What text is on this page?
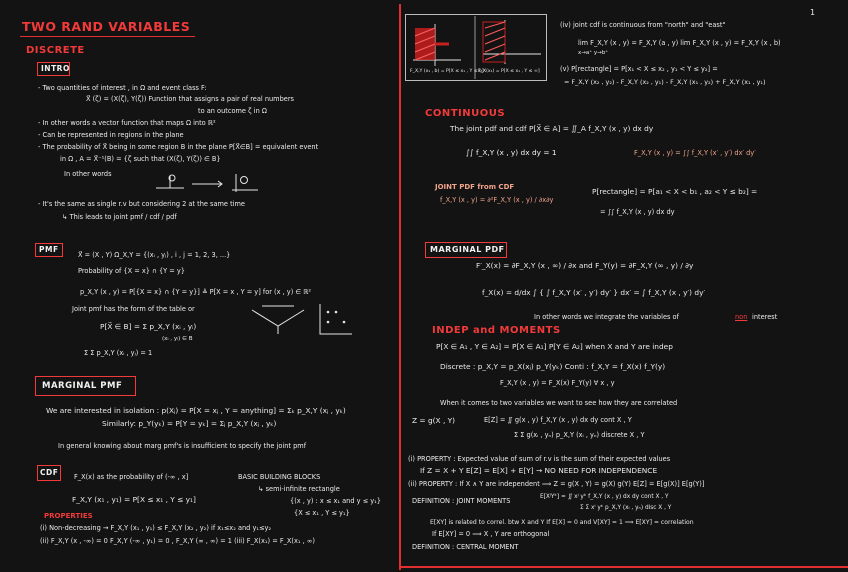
TWO RAND VARIABLES
1
DISCRETE
INTRO
- Two quantities of interest , in Ω and event class F:
X⃗ (ζ) = (X(ζ), Y(ζ)) Function that assigns a pair of real numbers
to an outcome ζ in Ω
- In other words a vector function that maps Ω into ℝ²
- Can be represented in regions in the plane
- The probability of X⃗ being in some region B in the plane P[X⃗∈B] = equivalent event
in Ω , A = X⃗⁻¹(B) = {ζ such that (X(ζ), Y(ζ)) ∈ B}
In other words
- It's the same as single r.v but considering 2 at the same time
↳ This leads to joint pmf / cdf / pdf
PMF
X⃗ = (X , Y) Ω_X,Y = {(xᵢ , yⱼ) , i , j = 1, 2, 3, ...}
Probability of {X = x} ∩ {Y = y}
p_X,Y (x , y) = P[{X = x} ∩ {Y = y}] ≜ P[X = x , Y = y] for (x , y) ∈ ℝ²
Joint pmf has the form of the table or
P[X⃗ ∈ B] = Σ p_X,Y (xᵢ , yᵢ)
(xᵢ , yᵢ) ∈ B
Σ Σ p_X,Y (xᵢ , yⱼ) = 1
MARGINAL PMF
We are interested in isolation : p(Xⱼ) = P[X = xⱼ , Y = anything] = Σₖ p_X,Y (xⱼ , yₖ)
Similarly: p_Y(yₖ) = P[Y = yₖ] = Σⱼ p_X,Y (xⱼ , yₖ)
In general knowing about marg pmf's is insufficient to specify the joint pmf
CDF F_X(x) as the probability of (-∞ , x]
F_X,Y (x₁ , y₁) = P[X ≤ x₁ , Y ≤ y₁]
BASIC BUILDING BLOCKS
↳ semi-infinite rectangle
{(x , y) : x ≤ x₁ and y ≤ y₁}
{X ≤ x₁ , Y ≤ y₁}
PROPERTIES
(i) Non-decreasing → F_X,Y (x₁ , y₁) ≤ F_X,Y (x₂ , y₂) if x₁≤x₂ and y₁≤y₂
(ii) F_X,Y (x , -∞) = 0 F_X,Y (-∞ , y₁) = 0 , F_X,Y (∞ , ∞) = 1 (iii) F_X(x₁) = F_X(x₁ , ∞)
F_X,Y (x₁ , b) = P[X ≤ x₁ , Y ≤ b]
F_X(x₁) = P[X ≤ x₁ , Y ≤ ∞]
(iv) joint cdf is continuous from "north" and "east"
lim F_X,Y (x , y) = F_X,Y (a , y) lim F_X,Y (x , y) = F_X,Y (x , b)
x→a⁺ y→b⁺
(v) P[rectangle] = P[x₁ < X ≤ x₂ , y₁ < Y ≤ y₂] =
= F_X,Y (x₂ , y₂) - F_X,Y (x₂ , y₁) - F_X,Y (x₁ , y₂) + F_X,Y (x₁ , y₁)
CONTINUOUS
The joint pdf and cdf P[X⃗ ∈ A] = ∬_A f_X,Y (x , y) dx dy
∫∫ f_X,Y (x , y) dx dy = 1	F_X,Y (x , y) = ∫∫ f_X,Y (x′ , y′) dx′ dy′
JOINT PDF from CDF
f_X,Y (x , y) = ∂²F_X,Y (x , y) / ∂x∂y
P[rectangle] = P[a₁ < X < b₁ , a₂ < Y ≤ b₂] =
= ∫∫ f_X,Y (x , y) dx dy
MARGINAL PDF
F′_X(x) = ∂F_X,Y (x , ∞) / ∂x and F_Y(y) = ∂F_X,Y (∞ , y) / ∂y
f_X(x) = d/dx ∫ { ∫ f_X,Y (x′ , y′) dy′ } dx′ = ∫ f_X,Y (x , y′) dy′
In other words we integrate the variables of	non interest
INDEP and MOMENTS
P[X ∈ A₁ , Y ∈ A₂] = P[X ∈ A₁] P[Y ∈ A₂] when X and Y are indep
Discrete : p_X,Y = p_X(xⱼ) p_Y(yₖ) Conti : f_X,Y = f_X(x) f_Y(y)
F_X,Y (x , y) = F_X(x) F_Y(y) ∀ x , y
When it comes to two variables we want to see how they are correlated
Z = g(X , Y)	E[Z] = ∬ g(x , y) f_X,Y (x , y) dx dy cont X , Y
Σ Σ g(xᵢ , yₙ) p_X,Y (xᵢ , yₙ) discrete X , Y
(i) PROPERTY : Expected value of sum of r.v is the sum of their expected values
If Z = X + Y E[Z] = E[X] + E[Y] → NO NEED FOR INDEPENDENCE
(ii) PROPERTY : If X ∧ Y are independent ⟹ Z = g(X , Y) = g(X) g(Y) E[Z] = E[g(X)] E[g(Y)]
DEFINITION : JOINT MOMENTS	E[XʲYᵏ] = ∬ xʲ yᵏ f_X,Y (x , y) dx dy cont X , Y
Σ Σ xⁱ yᵏ p_X,Y (xᵢ , yₙ) disc X , Y
E[XY] is related to correl. btw X and Y If E[X] = 0 and V[XY] = 1 ⟹ E[XY] = correlation
If E[XY] = 0 ⟹ X , Y are orthogonal
DEFINITION : CENTRAL MOMENT
